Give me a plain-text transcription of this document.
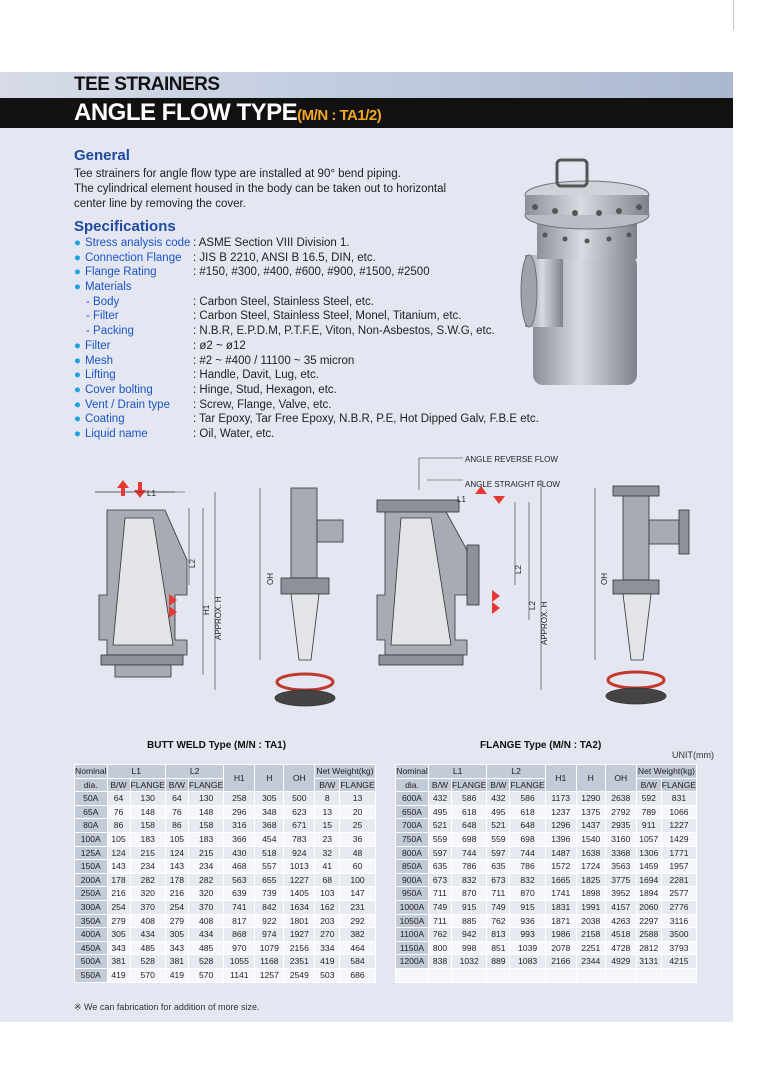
TEE STRAINERS
ANGLE FLOW TYPE(M/N : TA1/2)
General
Tee strainers for angle flow type are installed at 90° bend piping.
The cylindrical element housed in the body can be taken out to horizontal
center line by removing the cover.
Specifications
● Stress analysis code : ASME Section VIII Division 1.
● Connection Flange : JIS B 2210, ANSI B 16.5, DIN, etc.
● Flange Rating	: #150, #300, #400, #600, #900, #1500, #2500
● Materials
- Body	: Carbon Steel, Stainless Steel, etc.
- Filter	: Carbon Steel, Stainless Steel, Monel, Titanium, etc.
- Packing	: N.B.R, E.P.D.M, P.T.F.E, Viton, Non-Asbestos, S.W.G, etc.
● Filter	: ø2 ~ ø12
● Mesh	: #2 ~ #400 / 11100 ~ 35 micron
● Lifting	: Handle, Davit, Lug, etc.
● Cover bolting	: Hinge, Stud, Hexagon, etc.
● Vent / Drain type : Screw, Flange, Valve, etc.
● Coating	: Tar Epoxy, Tar Free Epoxy, N.B.R, P.E, Hot Dipped Galv, F.B.E etc.
● Liquid name	: Oil, Water, etc.
L1
L2
H1 APPROX. H
OH
ANGLE REVERSE FLOW
ANGLE STRAIGHT FLOW
L1
L2
L2 APPROX. H
OH
BUTT WELD Type (M/N : TA1)	FLANGE Type (M/N : TA2)
UNIT(mm)
Nominal	L1		L2		H1	H	OH	Net Weight(kg)	
dia.	B/W	FLANGE	B/W	FLANGE				B/W	FLANGE
50A	64	130	64	130	258	305	500	8	13
65A	76	148	76	148	296	348	623	13	20
80A	86	158	86	158	316	368	671	15	25
100A	105	183	105	183	366	454	783	23	36
125A	124	215	124	215	430	518	924	32	48
150A	143	234	143	234	468	557	1013	41	60
200A	178	282	178	282	563	655	1227	68	100
250A	216	320	216	320	639	739	1405	103	147
300A	254	370	254	370	741	842	1634	162	231
350A	279	408	279	408	817	922	1801	203	292
400A	305	434	305	434	868	974	1927	270	382
450A	343	485	343	485	970	1079	2156	334	464
500A	381	528	381	528	1055	1168	2351	419	584
550A	419	570	419	570	1141	1257	2549	503	686
Nominal	L1		L2		H1	H	OH	Net Weight(kg)	
dia.	B/W	FLANGE	B/W	FLANGE				B/W	FLANGE
600A	432	586	432	586	1173	1290	2638	592	831
650A	495	618	495	618	1237	1375	2792	789	1066
700A	521	648	521	648	1296	1437	2935	911	1227
750A	559	698	559	698	1396	1540	3160	1057	1429
800A	597	744	597	744	1487	1638	3368	1306	1771
850A	635	786	635	786	1572	1724	3563	1459	1957
900A	673	832	673	832	1665	1825	3775	1694	2281
950A	711	870	711	870	1741	1898	3952	1894	2577
1000A	749	915	749	915	1831	1991	4157	2060	2776
1050A	711	885	762	936	1871	2038	4263	2297	3116
1100A	762	942	813	993	1986	2158	4518	2588	3500
1150A	800	998	851	1039	2078	2251	4728	2812	3793
1200A	838	1032	889	1083	2166	2344	4929	3131	4215

※ We can fabrication for addition of more size.
